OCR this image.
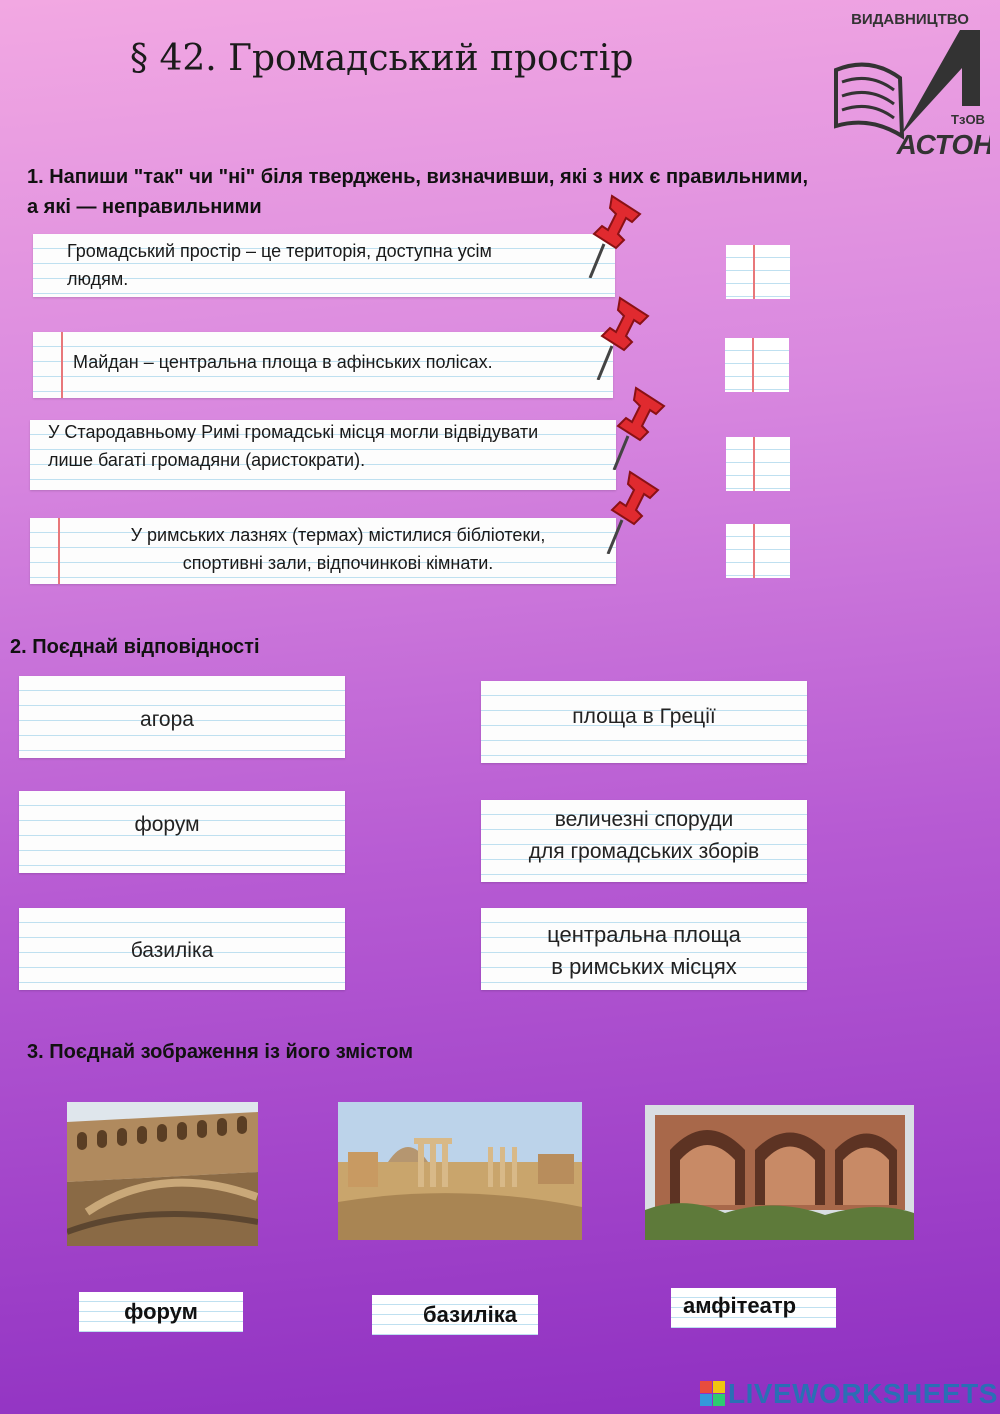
§ 42. Громадський простір
ВИДАВНИЦТВО
ТзОВ
АСТОН
1. Напиши "так" чи "ні" біля тверджень, визначивши, які з них є правильними,
а які — неправильними
Громадський простір – це територія, доступна усім
людям.
Майдан – центральна площа в афінських полісах.
У Стародавньому Римі громадські місця могли відвідувати
лише багаті громадяни (аристократи).
У римських лазнях (термах) містилися бібліотеки,
спортивні зали, відпочинкові кімнати.
2. Поєднай відповідності
агора
форум
базиліка
площа в Греції
величезні споруди
для громадських зборів
центральна площа
в римських місцях
3. Поєднай зображення із його змістом
форум	базиліка	амфітеатр
LIVEWORKSHEETS
